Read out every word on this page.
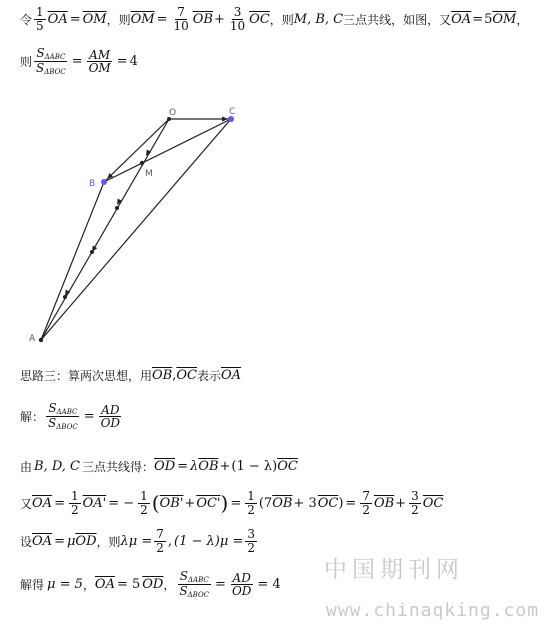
令 $\frac{1}{5} \overline{OA} = \overline{OM}$ ，则 $\overline{OM} = \frac{7}{10} \overline{OB} + \frac{3}{10} \overline{OC}$ ，则 M, B, C 三点共线，如图，又 $\overline{OA} = 5$ $\overline{OM}$ ，
则 $\frac{S_{\Delta ABC}}{S_{\Delta BOC}} = \frac{AM}{OM} = 4$
O	C
B
M
A
思路三：算两次思想，用 $\overline{OB}$ , $\overline{OC}$ 表示 $\overline{OA}$
解： $\frac{S_{\Delta ABC}}{S_{\Delta BOC}} = \frac{AD}{OD}$
由 B, D, C 三点共线得： $\overline{OD} = \lambda$ $\overline{OB} + (1 - \lambda)$ $\overline{OC}$
又 $\overline{OA} = \frac{1}{2} OA'$ = − $\frac{1}{2}$ ( OB' + OC' ) = $\frac{1}{2} (7$ $\overline{OB} + 3$ $\overline{OC}$ ) = $\frac{7}{2} \overline{OB} + \frac{3}{2} \overline{OC}$
设 $\overline{OA} = \mu$ $\overline{OD}$ ，则 $\lambda\mu = \frac{7}{2}$ , $(1 - \lambda)\mu = \frac{3}{2}$
解得 μ = 5 ， $\overline{OA} = 5$ $\overline{OD}$ ， $\frac{S_{\Delta ABC}}{S_{\Delta BOC}} = \frac{AD}{OD} = 4$
中国期刊网
www.chinaqking.com
